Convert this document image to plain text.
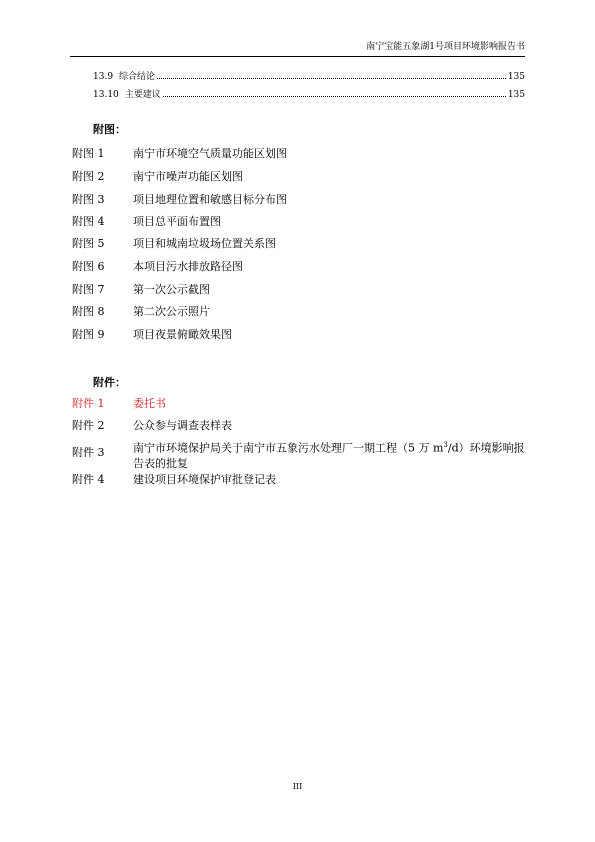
南宁宝能五象湖1号项目环境影响报告书
13.9 综合结论	135
13.10 主要建议	135
附图：
附图 1	南宁市环境空气质量功能区划图
附图 2	南宁市噪声功能区划图
附图 3	项目地理位置和敏感目标分布图
附图 4	项目总平面布置图
附图 5	项目和城南垃圾场位置关系图
附图 6	本项目污水排放路径图
附图 7	第一次公示截图
附图 8	第二次公示照片
附图 9	项目夜景俯瞰效果图
附件：
附件 1	委托书
附件 2	公众参与调查表样表
附件 3	南宁市环境保护局关于南宁市五象污水处理厂一期工程（5 万 $m^3/d$）环境影响报告表的批复
附件 4	建设项目环境保护审批登记表
III
